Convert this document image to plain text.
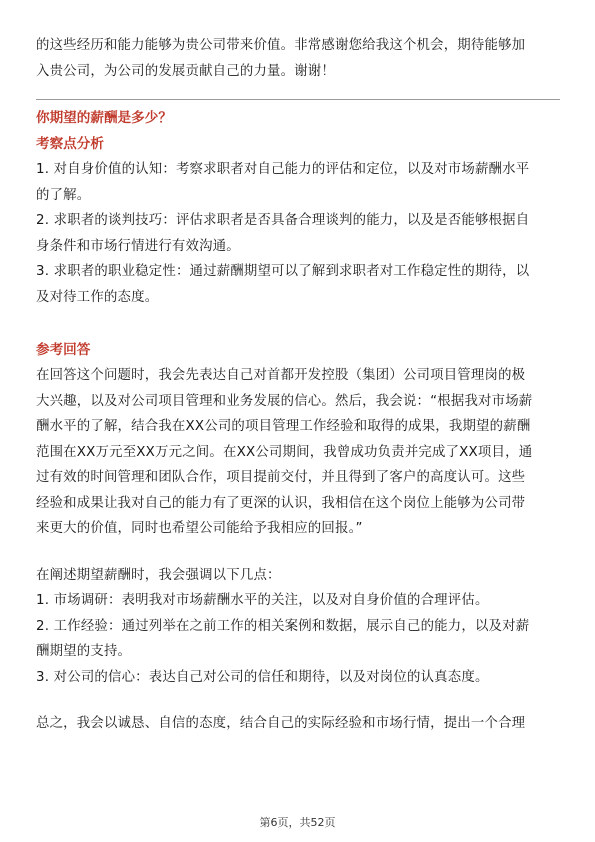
的这些经历和能力能够为贵公司带来价值。非常感谢您给我这个机会，期待能够加

入贵公司，为公司的发展贡献自己的力量。谢谢！

你期望的薪酬是多少？
考察点分析

1. 对自身价值的认知：考察求职者对自己能力的评估和定位，以及对市场薪酬水平

的了解。

2. 求职者的谈判技巧：评估求职者是否具备合理谈判的能力，以及是否能够根据自

身条件和市场行情进行有效沟通。

3. 求职者的职业稳定性：通过薪酬期望可以了解到求职者对工作稳定性的期待，以

及对待工作的态度。

参考回答

在回答这个问题时，我会先表达自己对首都开发控股（集团）公司项目管理岗的极

大兴趣，以及对公司项目管理和业务发展的信心。然后，我会说：“根据我对市场薪

酬水平的了解，结合我在XX公司的项目管理工作经验和取得的成果，我期望的薪酬

范围在XX万元至XX万元之间。在XX公司期间，我曾成功负责并完成了XX项目，通

过有效的时间管理和团队合作，项目提前交付，并且得到了客户的高度认可。这些

经验和成果让我对自己的能力有了更深的认识，我相信在这个岗位上能够为公司带

来更大的价值，同时也希望公司能给予我相应的回报。”

在阐述期望薪酬时，我会强调以下几点：

1. 市场调研：表明我对市场薪酬水平的关注，以及对自身价值的合理评估。

2. 工作经验：通过列举在之前工作的相关案例和数据，展示自己的能力，以及对薪

酬期望的支持。

3. 对公司的信心：表达自己对公司的信任和期待，以及对岗位的认真态度。

总之，我会以诚恳、自信的态度，结合自己的实际经验和市场行情，提出一个合理

第6页，共52页
